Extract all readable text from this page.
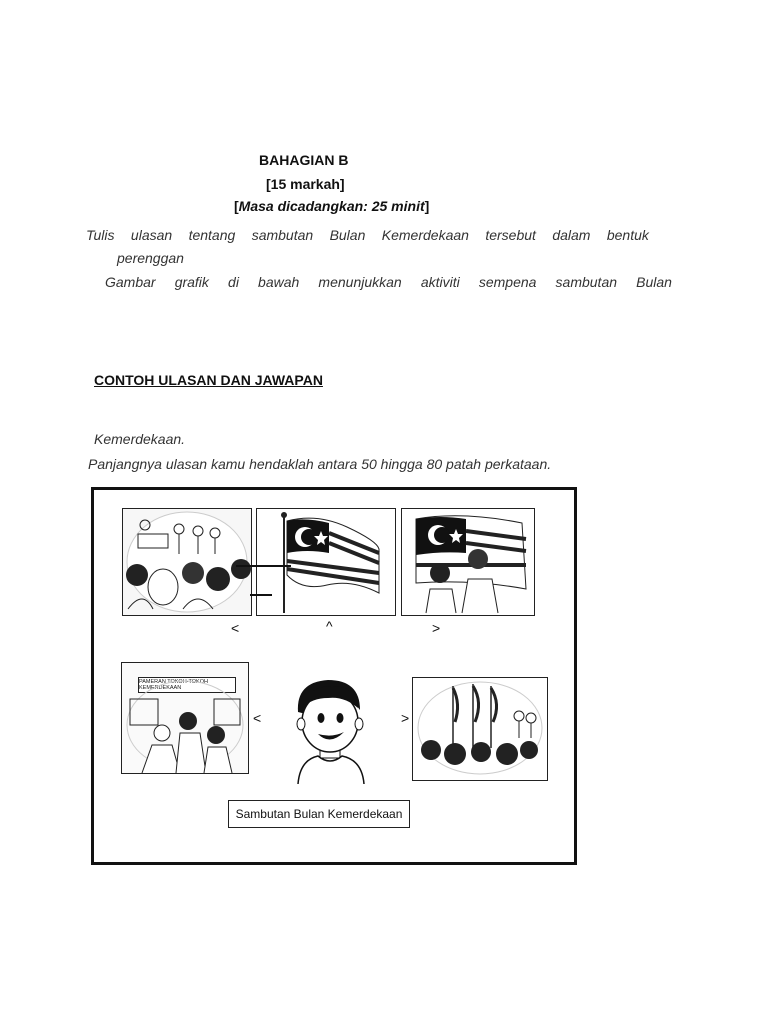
BAHAGIAN B
[15 markah]
[Masa dicadangkan: 25 minit]
Tulis ulasan tentang sambutan Bulan Kemerdekaan tersebut dalam bentuk
perenggan
Gambar grafik di bawah menunjukkan aktiviti sempena sambutan Bulan
CONTOH ULASAN DAN JAWAPAN
Kemerdekaan.
Panjangnya ulasan kamu hendaklah antara 50 hingga 80 patah perkataan.
<	^	>
PAMERAN TOKOH-TOKOH KEMERDEKAAN
<	>
Sambutan Bulan Kemerdekaan
